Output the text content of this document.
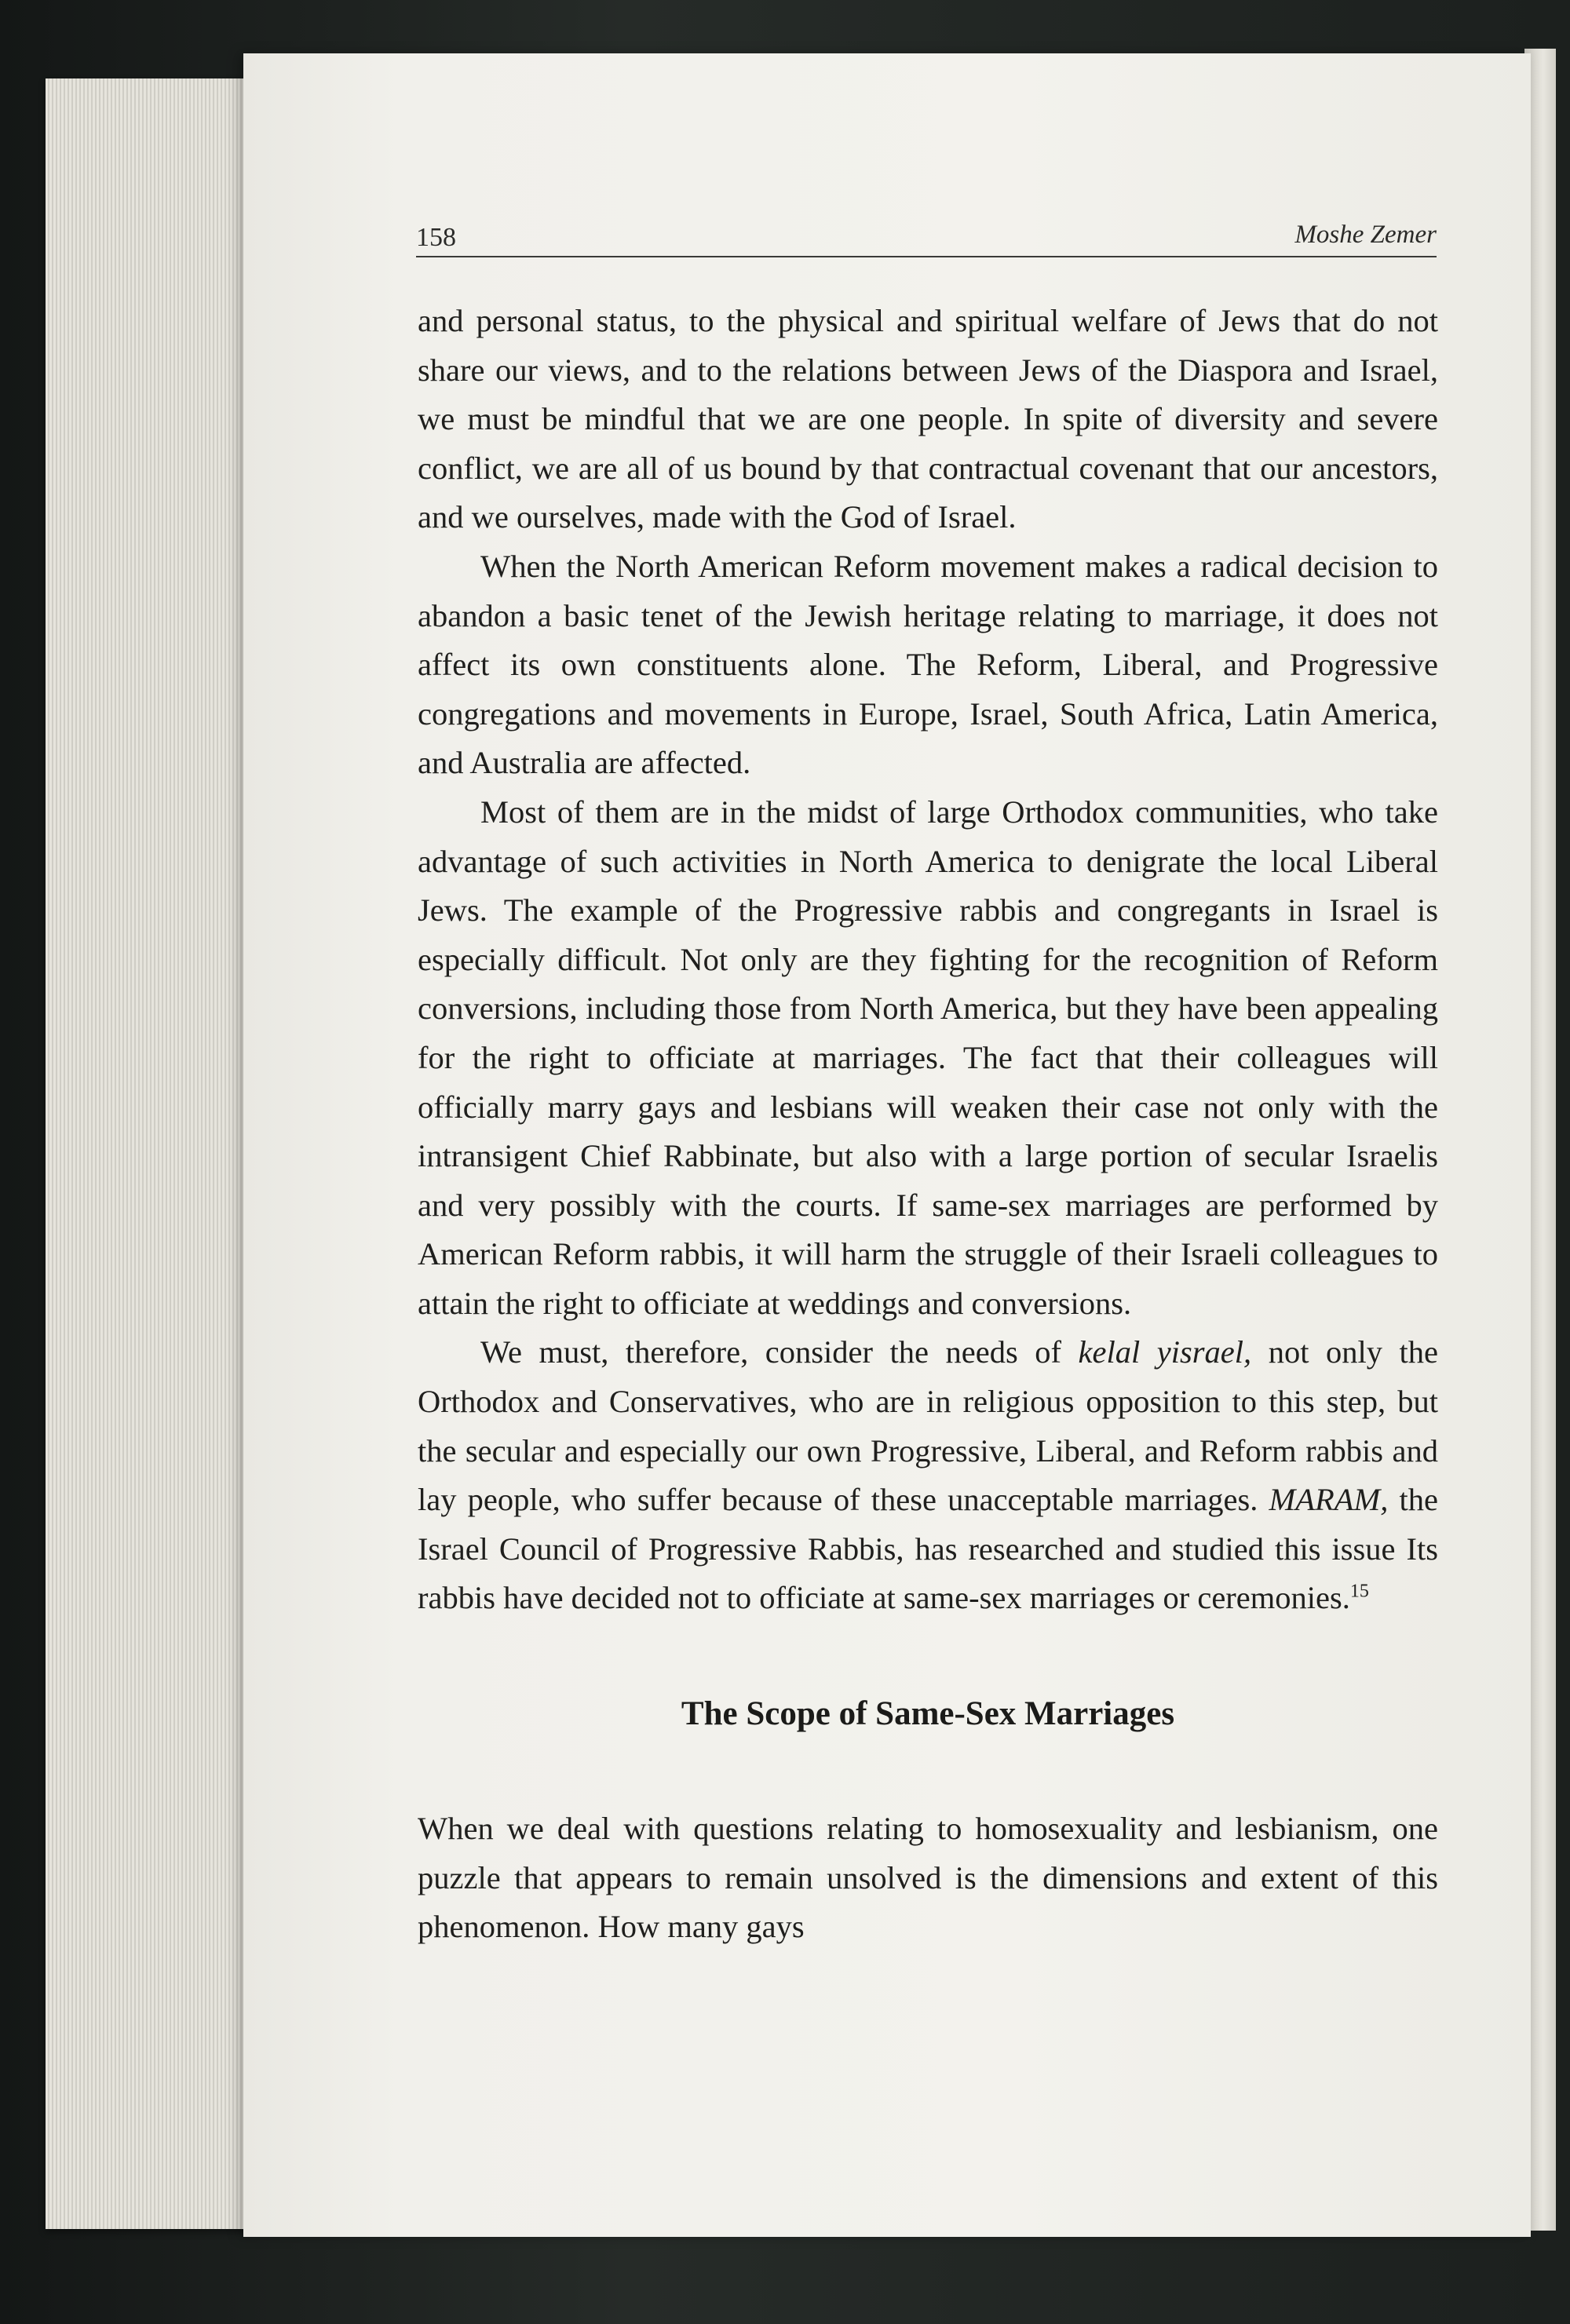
158	Moshe Zemer

and personal status, to the physical and spiritual welfare of Jews that do not share our views, and to the relations between Jews of the Diaspora and Israel, we must be mindful that we are one people. In spite of diversity and severe conflict, we are all of us bound by that contractual covenant that our ancestors, and we ourselves, made with the God of Israel.

When the North American Reform movement makes a radical decision to abandon a basic tenet of the Jewish heritage relating to marriage, it does not affect its own constituents alone. The Reform, Liberal, and Progressive congregations and movements in Europe, Israel, South Africa, Latin America, and Australia are affected.

Most of them are in the midst of large Orthodox communities, who take advantage of such activities in North America to denigrate the local Liberal Jews. The example of the Progressive rabbis and congregants in Israel is especially difficult. Not only are they fighting for the recognition of Reform conversions, including those from North America, but they have been appealing for the right to officiate at marriages. The fact that their colleagues will officially marry gays and lesbians will weaken their case not only with the intransigent Chief Rabbinate, but also with a large portion of secular Israelis and very possibly with the courts. If same-sex marriages are performed by American Reform rabbis, it will harm the struggle of their Israeli colleagues to attain the right to officiate at weddings and conversions.

We must, therefore, consider the needs of kelal yisrael, not only the Orthodox and Conservatives, who are in religious opposition to this step, but the secular and especially our own Progressive, Liberal, and Reform rabbis and lay people, who suffer because of these unacceptable marriages. MARAM, the Israel Council of Progressive Rabbis, has researched and studied this issue Its rabbis have decided not to officiate at same-sex marriages or ceremonies.$^{15}$

The Scope of Same-Sex Marriages

When we deal with questions relating to homosexuality and lesbianism, one puzzle that appears to remain unsolved is the dimensions and extent of this phenomenon. How many gays
